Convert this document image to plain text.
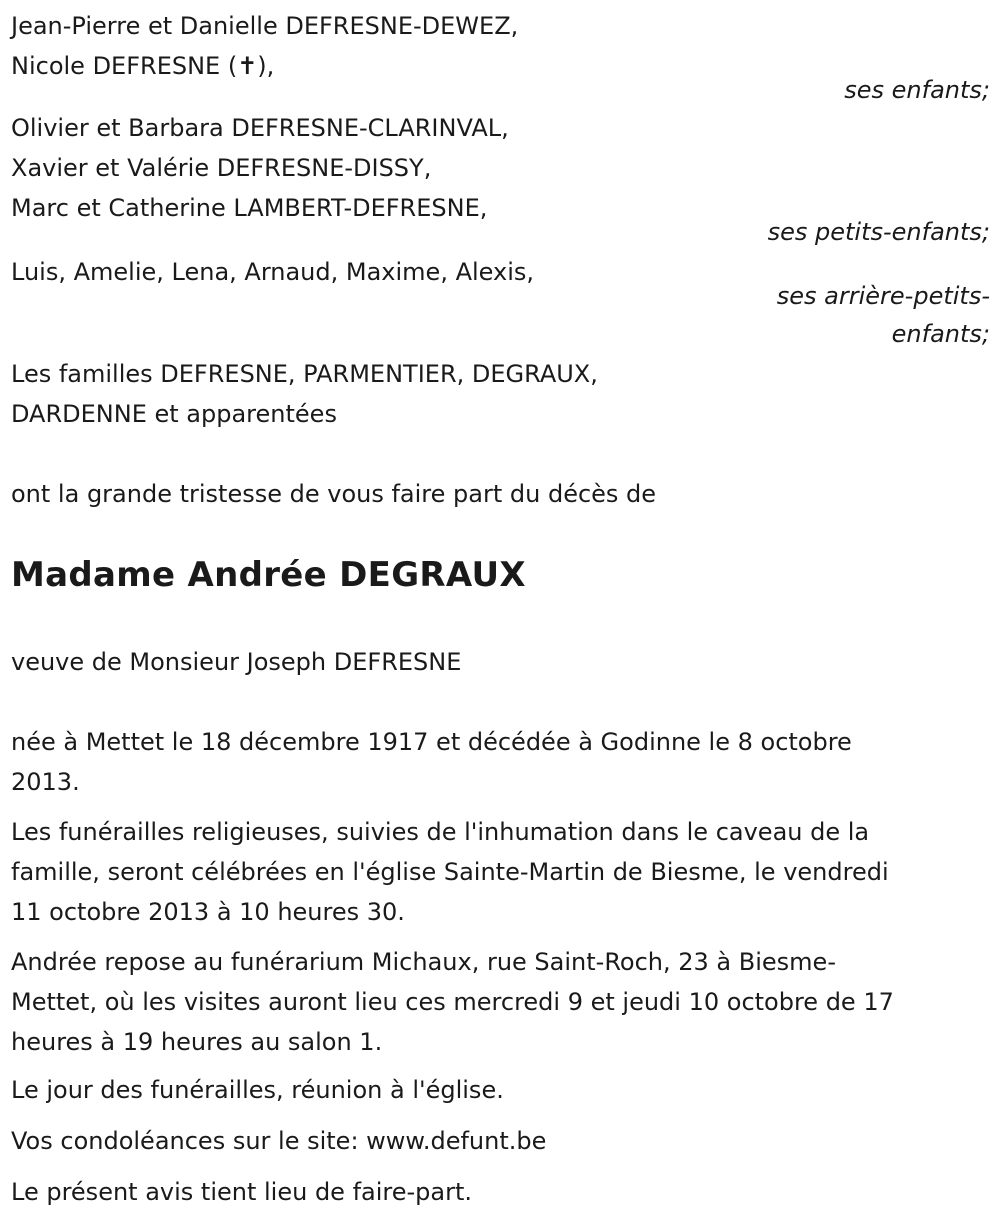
Jean-Pierre et Danielle DEFRESNE-DEWEZ,
Nicole DEFRESNE (✝),
ses enfants;
Olivier et Barbara DEFRESNE-CLARINVAL,
Xavier et Valérie DEFRESNE-DISSY,
Marc et Catherine LAMBERT-DEFRESNE,
ses petits-enfants;
Luis, Amelie, Lena, Arnaud, Maxime, Alexis,
ses arrière-petits-
enfants;
Les familles DEFRESNE, PARMENTIER, DEGRAUX,
DARDENNE et apparentées
ont la grande tristesse de vous faire part du décès de
Madame Andrée DEGRAUX
veuve de Monsieur Joseph DEFRESNE
née à Mettet le 18 décembre 1917 et décédée à Godinne le 8 octobre
2013.
Les funérailles religieuses, suivies de l'inhumation dans le caveau de la
famille, seront célébrées en l'église Sainte-Martin de Biesme, le vendredi
11 octobre 2013 à 10 heures 30.
Andrée repose au funérarium Michaux, rue Saint-Roch, 23 à Biesme-
Mettet, où les visites auront lieu ces mercredi 9 et jeudi 10 octobre de 17
heures à 19 heures au salon 1.
Le jour des funérailles, réunion à l'église.
Vos condoléances sur le site: www.defunt.be
Le présent avis tient lieu de faire-part.
